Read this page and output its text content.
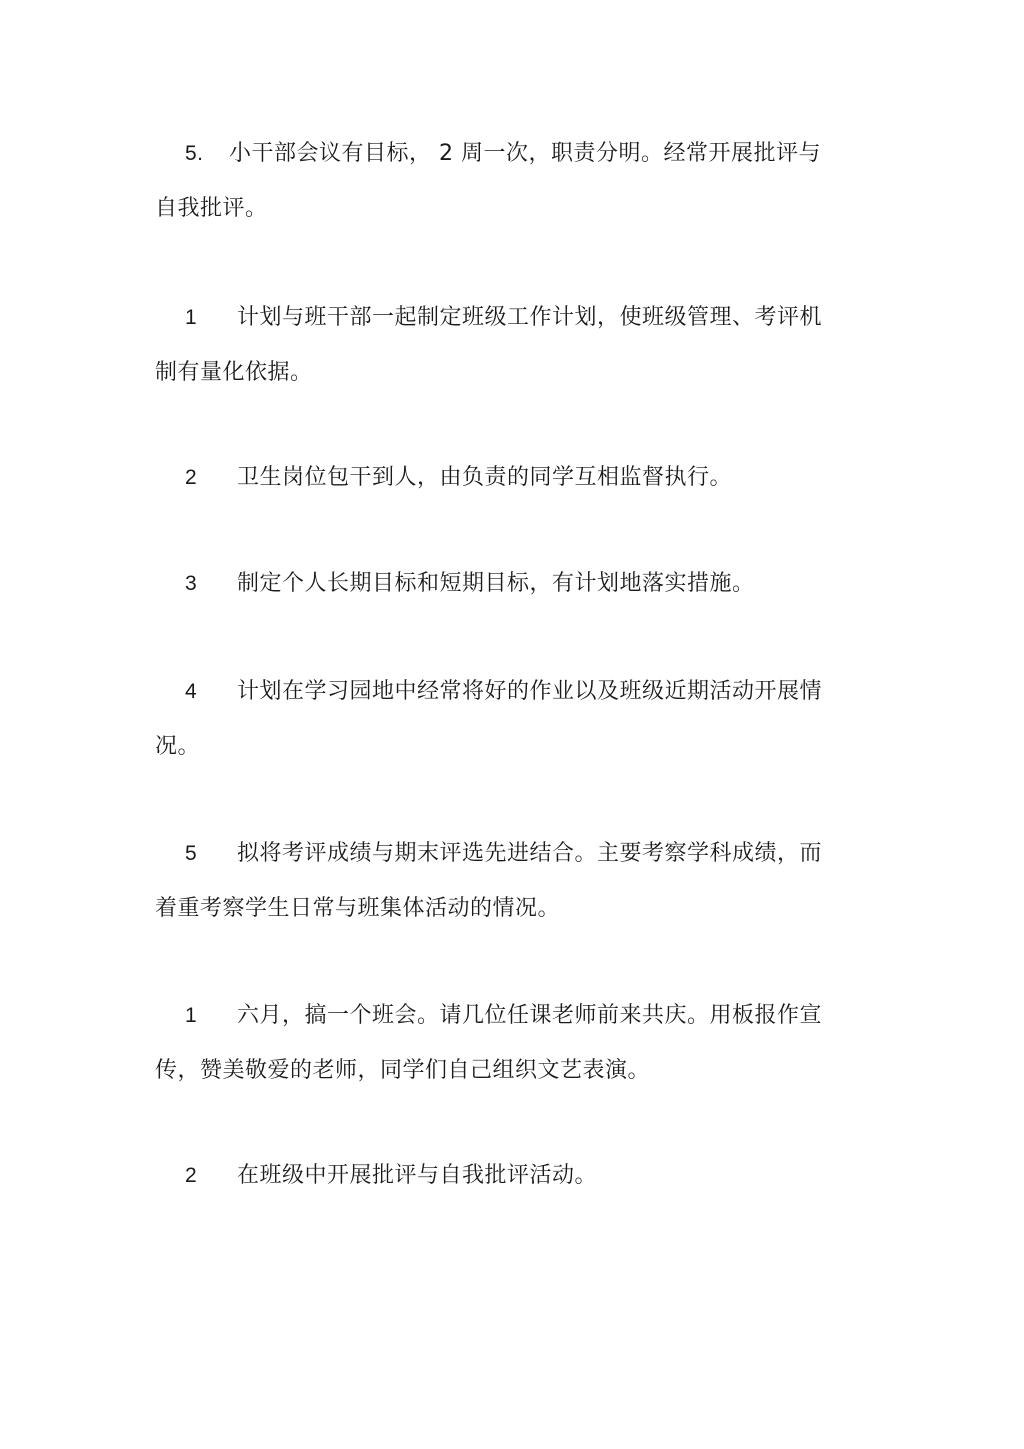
5. 小干部会议有目标， 2 周一次，职责分明。经常开展批评与
自我批评。
1 计划与班干部一起制定班级工作计划，使班级管理、考评机
制有量化依据。
2 卫生岗位包干到人，由负责的同学互相监督执行。
3 制定个人长期目标和短期目标，有计划地落实措施。
4 计划在学习园地中经常将好的作业以及班级近期活动开展情
况。
5 拟将考评成绩与期末评选先进结合。主要考察学科成绩，而
着重考察学生日常与班集体活动的情况。
1 六月，搞一个班会。请几位任课老师前来共庆。用板报作宣
传，赞美敬爱的老师，同学们自己组织文艺表演。
2 在班级中开展批评与自我批评活动。
